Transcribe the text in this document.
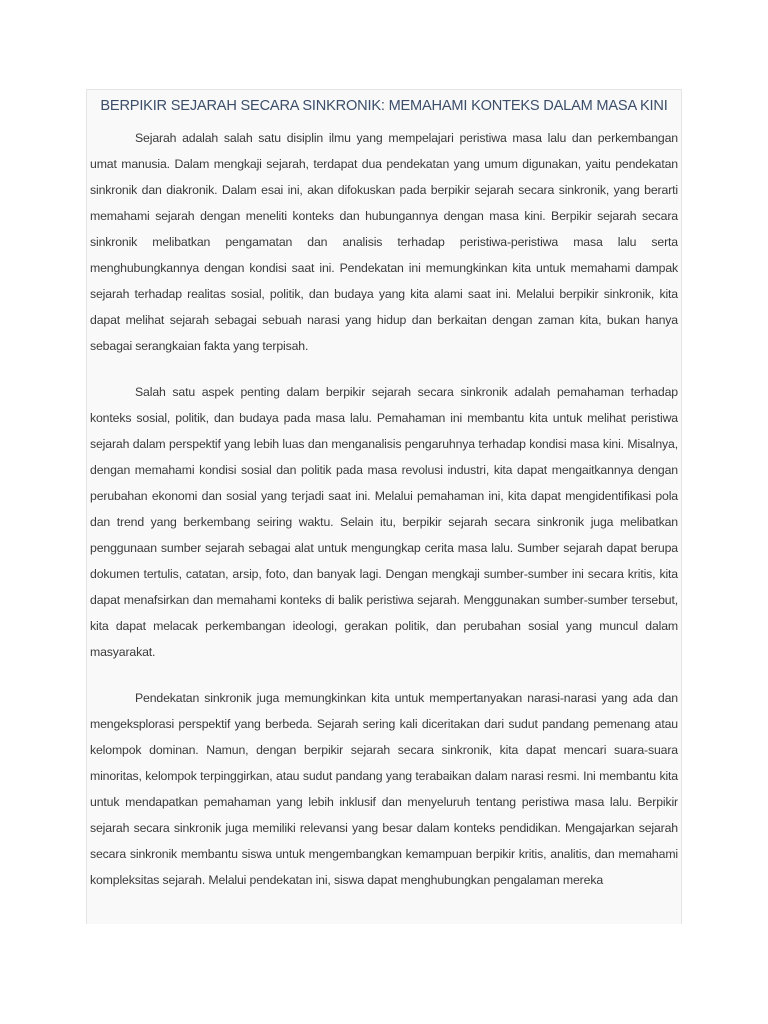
BERPIKIR SEJARAH SECARA SINKRONIK: MEMAHAMI KONTEKS DALAM MASA KINI

Sejarah adalah salah satu disiplin ilmu yang mempelajari peristiwa masa lalu dan perkembangan umat manusia. Dalam mengkaji sejarah, terdapat dua pendekatan yang umum digunakan, yaitu pendekatan sinkronik dan diakronik. Dalam esai ini, akan difokuskan pada berpikir sejarah secara sinkronik, yang berarti memahami sejarah dengan meneliti konteks dan hubungannya dengan masa kini. Berpikir sejarah secara sinkronik melibatkan pengamatan dan analisis terhadap peristiwa-peristiwa masa lalu serta menghubungkannya dengan kondisi saat ini. Pendekatan ini memungkinkan kita untuk memahami dampak sejarah terhadap realitas sosial, politik, dan budaya yang kita alami saat ini. Melalui berpikir sinkronik, kita dapat melihat sejarah sebagai sebuah narasi yang hidup dan berkaitan dengan zaman kita, bukan hanya sebagai serangkaian fakta yang terpisah.

Salah satu aspek penting dalam berpikir sejarah secara sinkronik adalah pemahaman terhadap konteks sosial, politik, dan budaya pada masa lalu. Pemahaman ini membantu kita untuk melihat peristiwa sejarah dalam perspektif yang lebih luas dan menganalisis pengaruhnya terhadap kondisi masa kini. Misalnya, dengan memahami kondisi sosial dan politik pada masa revolusi industri, kita dapat mengaitkannya dengan perubahan ekonomi dan sosial yang terjadi saat ini. Melalui pemahaman ini, kita dapat mengidentifikasi pola dan trend yang berkembang seiring waktu. Selain itu, berpikir sejarah secara sinkronik juga melibatkan penggunaan sumber sejarah sebagai alat untuk mengungkap cerita masa lalu. Sumber sejarah dapat berupa dokumen tertulis, catatan, arsip, foto, dan banyak lagi. Dengan mengkaji sumber-sumber ini secara kritis, kita dapat menafsirkan dan memahami konteks di balik peristiwa sejarah. Menggunakan sumber-sumber tersebut, kita dapat melacak perkembangan ideologi, gerakan politik, dan perubahan sosial yang muncul dalam masyarakat.

Pendekatan sinkronik juga memungkinkan kita untuk mempertanyakan narasi-narasi yang ada dan mengeksplorasi perspektif yang berbeda. Sejarah sering kali diceritakan dari sudut pandang pemenang atau kelompok dominan. Namun, dengan berpikir sejarah secara sinkronik, kita dapat mencari suara-suara minoritas, kelompok terpinggirkan, atau sudut pandang yang terabaikan dalam narasi resmi. Ini membantu kita untuk mendapatkan pemahaman yang lebih inklusif dan menyeluruh tentang peristiwa masa lalu. Berpikir sejarah secara sinkronik juga memiliki relevansi yang besar dalam konteks pendidikan. Mengajarkan sejarah secara sinkronik membantu siswa untuk mengembangkan kemampuan berpikir kritis, analitis, dan memahami kompleksitas sejarah. Melalui pendekatan ini, siswa dapat menghubungkan pengalaman mereka
